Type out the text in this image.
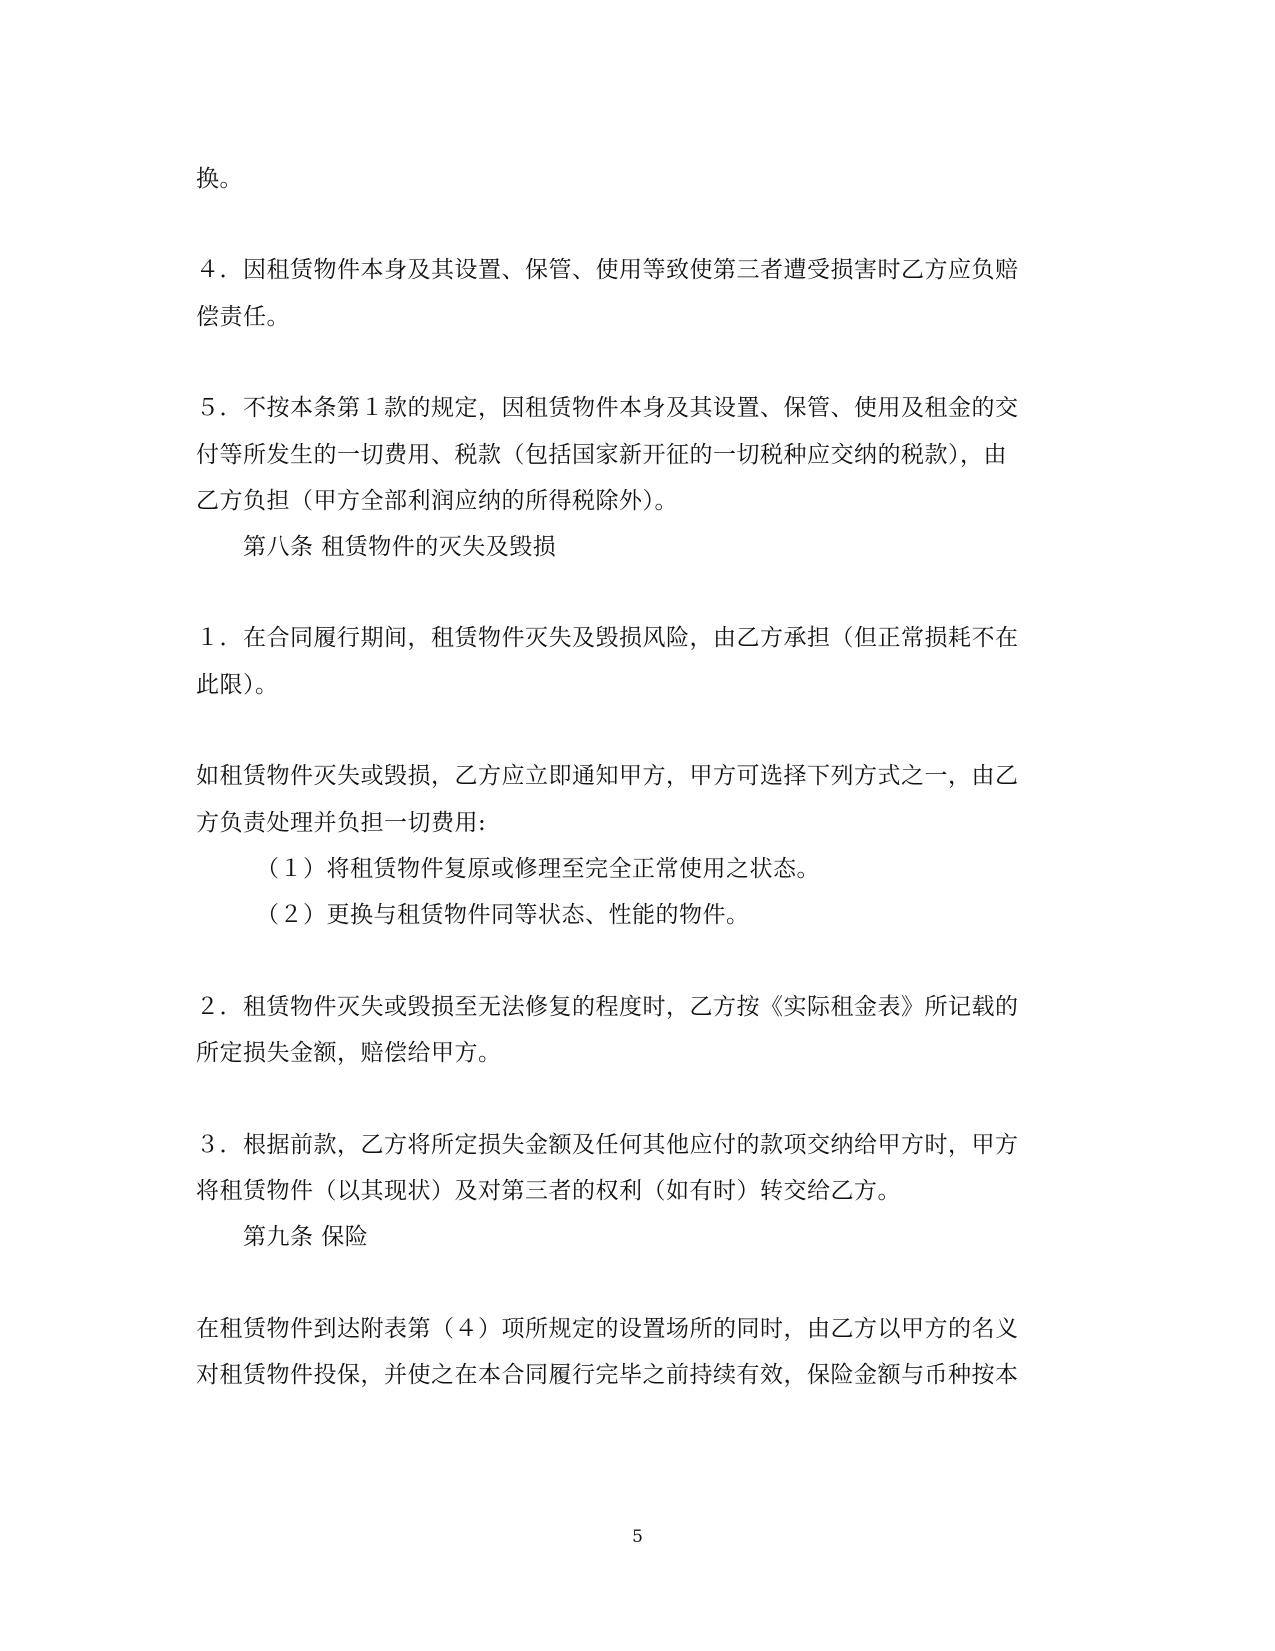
换。
４．因租赁物件本身及其设置、保管、使用等致使第三者遭受损害时乙方应负赔
偿责任。
５．不按本条第１款的规定，因租赁物件本身及其设置、保管、使用及租金的交
付等所发生的一切费用、税款（包括国家新开征的一切税种应交纳的税款），由
乙方负担（甲方全部利润应纳的所得税除外）。
第八条 租赁物件的灭失及毁损
１．在合同履行期间，租赁物件灭失及毁损风险，由乙方承担（但正常损耗不在
此限）。
如租赁物件灭失或毁损，乙方应立即通知甲方，甲方可选择下列方式之一，由乙
方负责处理并负担一切费用:
（１）将租赁物件复原或修理至完全正常使用之状态。
（２）更换与租赁物件同等状态、性能的物件。
２．租赁物件灭失或毁损至无法修复的程度时，乙方按《实际租金表》所记载的
所定损失金额，赔偿给甲方。
３．根据前款，乙方将所定损失金额及任何其他应付的款项交纳给甲方时，甲方
将租赁物件（以其现状）及对第三者的权利（如有时）转交给乙方。
第九条 保险
在租赁物件到达附表第（４）项所规定的设置场所的同时，由乙方以甲方的名义
对租赁物件投保，并使之在本合同履行完毕之前持续有效，保险金额与币种按本
5
